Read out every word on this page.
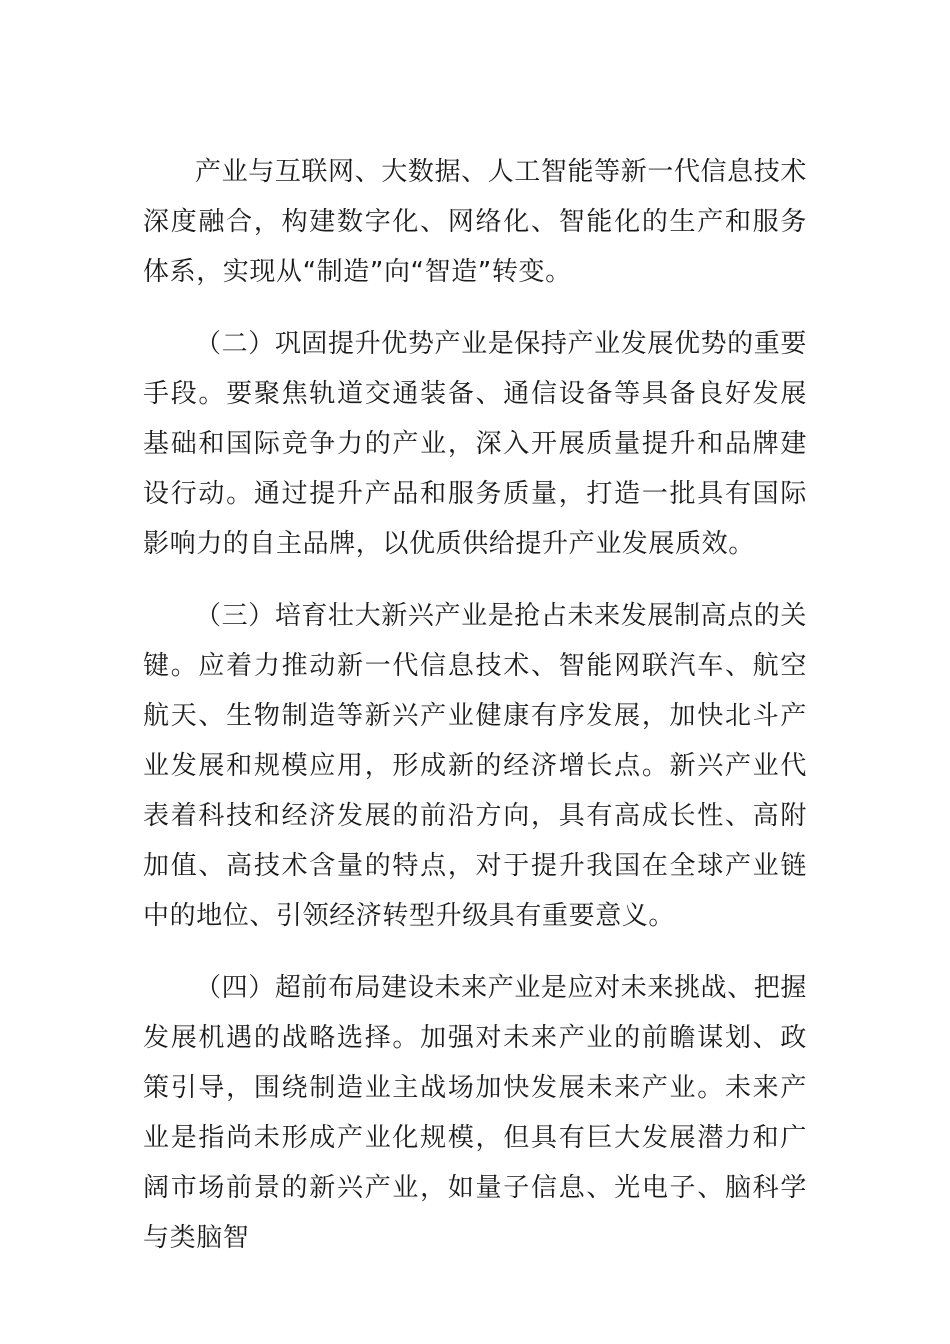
产业与互联网、大数据、人工智能等新一代信息技术深度融合，构建数字化、网络化、智能化的生产和服务体系，实现从“制造”向“智造”转变。

（二）巩固提升优势产业是保持产业发展优势的重要手段。要聚焦轨道交通装备、通信设备等具备良好发展基础和国际竞争力的产业，深入开展质量提升和品牌建设行动。通过提升产品和服务质量，打造一批具有国际影响力的自主品牌，以优质供给提升产业发展质效。

（三）培育壮大新兴产业是抢占未来发展制高点的关键。应着力推动新一代信息技术、智能网联汽车、航空航天、生物制造等新兴产业健康有序发展，加快北斗产业发展和规模应用，形成新的经济增长点。新兴产业代表着科技和经济发展的前沿方向，具有高成长性、高附加值、高技术含量的特点，对于提升我国在全球产业链中的地位、引领经济转型升级具有重要意义。

（四）超前布局建设未来产业是应对未来挑战、把握发展机遇的战略选择。加强对未来产业的前瞻谋划、政策引导，围绕制造业主战场加快发展未来产业。未来产业是指尚未形成产业化规模，但具有巨大发展潜力和广阔市场前景的新兴产业，如量子信息、光电子、脑科学与类脑智
